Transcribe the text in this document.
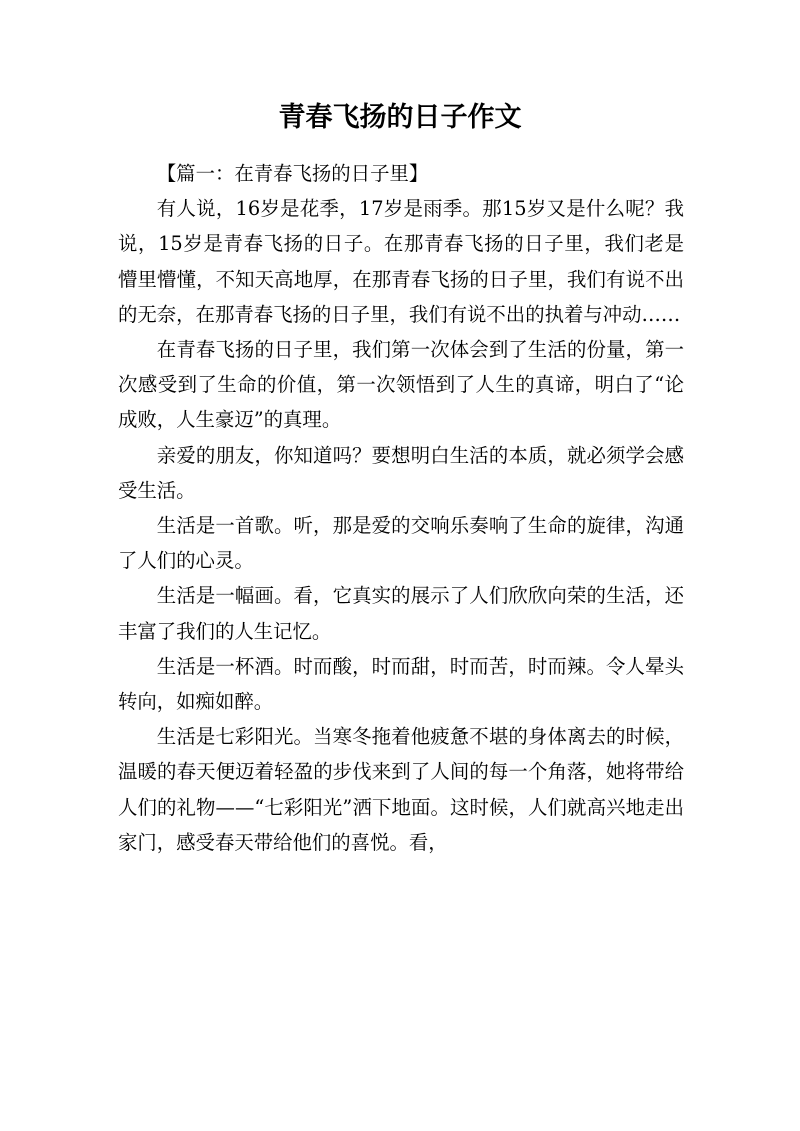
青春飞扬的日子作文

【篇一：在青春飞扬的日子里】

有人说，16岁是花季，17岁是雨季。那15岁又是什么呢？我说，15岁是青春飞扬的日子。在那青春飞扬的日子里，我们老是懵里懵懂，不知天高地厚，在那青春飞扬的日子里，我们有说不出的无奈，在那青春飞扬的日子里，我们有说不出的执着与冲动……

在青春飞扬的日子里，我们第一次体会到了生活的份量，第一次感受到了生命的价值，第一次领悟到了人生的真谛，明白了“论成败，人生豪迈”的真理。

亲爱的朋友，你知道吗？要想明白生活的本质，就必须学会感受生活。

生活是一首歌。听，那是爱的交响乐奏响了生命的旋律，沟通了人们的心灵。

生活是一幅画。看，它真实的展示了人们欣欣向荣的生活，还丰富了我们的人生记忆。

生活是一杯酒。时而酸，时而甜，时而苦，时而辣。令人晕头转向，如痴如醉。

生活是七彩阳光。当寒冬拖着他疲惫不堪的身体离去的时候，温暖的春天便迈着轻盈的步伐来到了人间的每一个角落，她将带给人们的礼物——“七彩阳光”洒下地面。这时候，人们就高兴地走出家门，感受春天带给他们的喜悦。看，
